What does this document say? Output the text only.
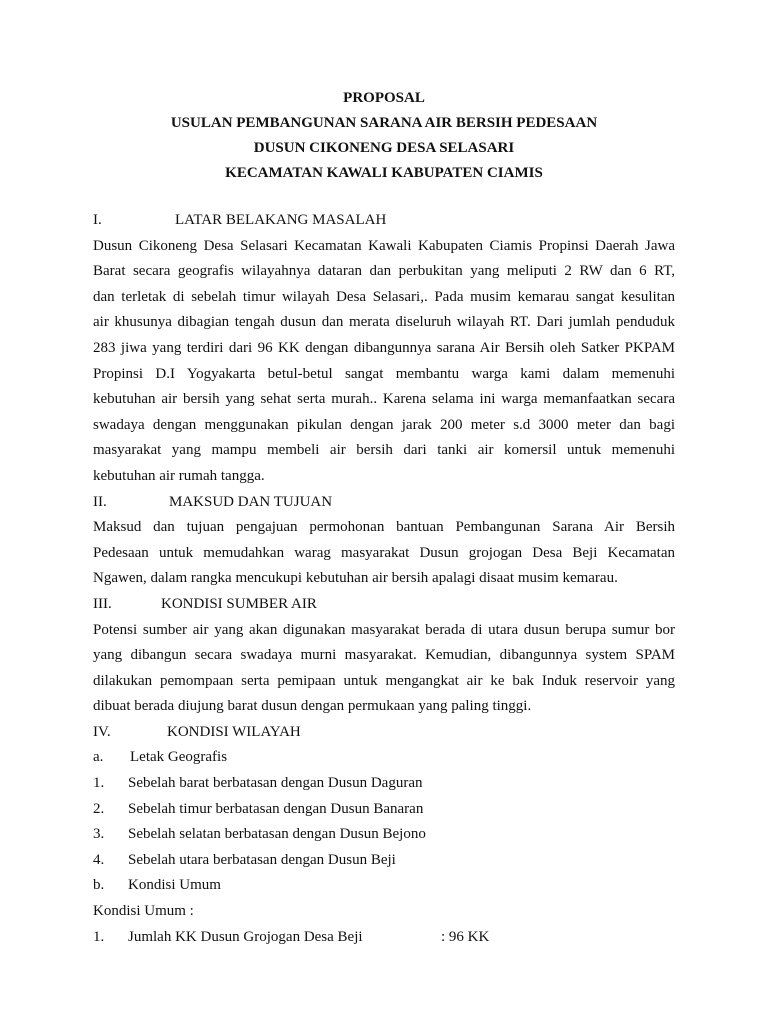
PROPOSAL
USULAN PEMBANGUNAN SARANA AIR BERSIH PEDESAAN
DUSUN CIKONENG DESA SELASARI
KECAMATAN KAWALI KABUPATEN CIAMIS
I.	LATAR BELAKANG MASALAH
Dusun Cikoneng Desa Selasari Kecamatan Kawali Kabupaten Ciamis Propinsi Daerah Jawa
Barat secara geografis wilayahnya dataran dan perbukitan yang meliputi 2 RW dan 6 RT,
dan terletak di sebelah timur wilayah Desa Selasari,. Pada musim kemarau sangat kesulitan
air khusunya dibagian tengah dusun dan merata diseluruh wilayah RT. Dari jumlah penduduk
283 jiwa yang terdiri dari 96 KK dengan dibangunnya sarana Air Bersih oleh Satker PKPAM
Propinsi D.I Yogyakarta betul-betul sangat membantu warga kami dalam memenuhi
kebutuhan air bersih yang sehat serta murah.. Karena selama ini warga memanfaatkan secara
swadaya dengan menggunakan pikulan dengan jarak 200 meter s.d 3000 meter dan bagi
masyarakat yang mampu membeli air bersih dari tanki air komersil untuk memenuhi
kebutuhan air rumah tangga.
II.	MAKSUD DAN TUJUAN
Maksud dan tujuan pengajuan permohonan bantuan Pembangunan Sarana Air Bersih
Pedesaan untuk memudahkan warag masyarakat Dusun grojogan Desa Beji Kecamatan
Ngawen, dalam rangka mencukupi kebutuhan air bersih apalagi disaat musim kemarau.
III.	KONDISI SUMBER AIR
Potensi sumber air yang akan digunakan masyarakat berada di utara dusun berupa sumur bor
yang dibangun secara swadaya murni masyarakat. Kemudian, dibangunnya system SPAM
dilakukan pemompaan serta pemipaan untuk mengangkat air ke bak Induk reservoir yang
dibuat berada diujung barat dusun dengan permukaan yang paling tinggi.
IV.	KONDISI WILAYAH
a.	Letak Geografis
1.	Sebelah barat berbatasan dengan Dusun Daguran
2.	Sebelah timur berbatasan dengan Dusun Banaran
3.	Sebelah selatan berbatasan dengan Dusun Bejono
4.	Sebelah utara berbatasan dengan Dusun Beji
b.	Kondisi Umum
Kondisi Umum :
1.	Jumlah KK Dusun Grojogan Desa Beji	: 96 KK
